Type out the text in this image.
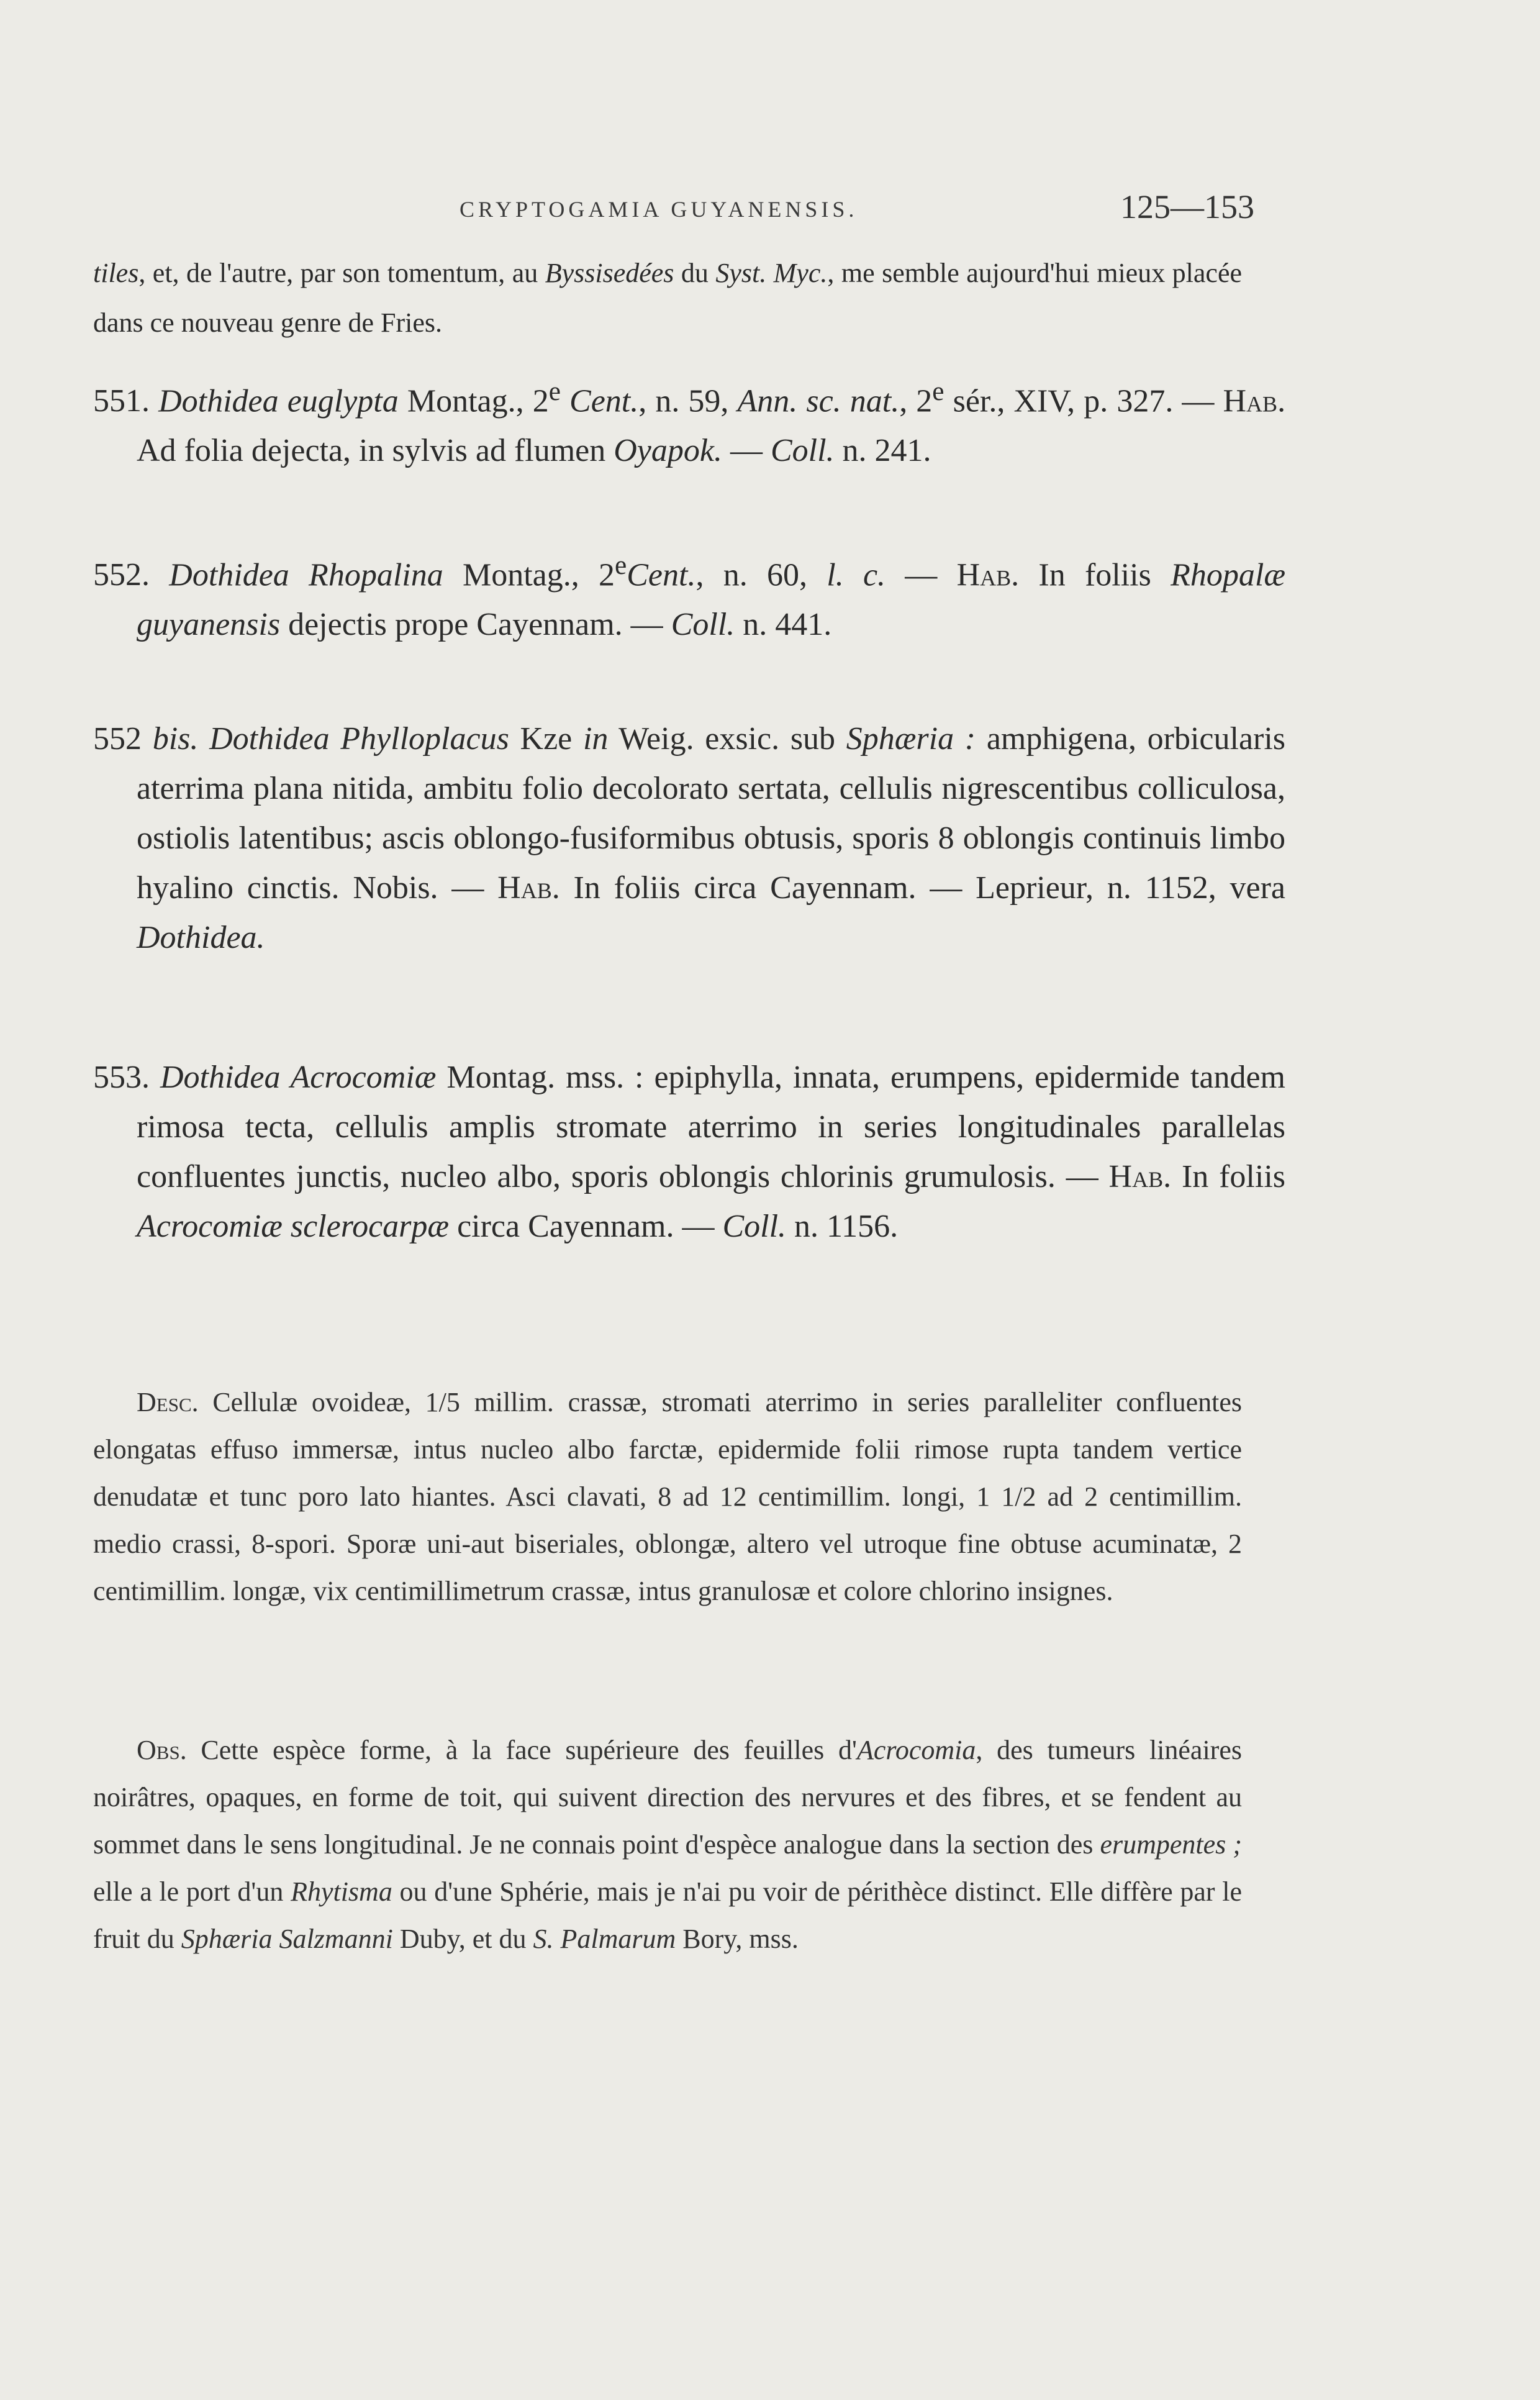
CRYPTOGAMIA GUYANENSIS.	125—153
tiles, et, de l'autre, par son tomentum, au Byssisedées du Syst. Myc., me semble aujourd'hui mieux placée dans ce nouveau genre de Fries.
551. Dothidea euglypta Montag., 2e Cent., n. 59, Ann. sc. nat., 2e sér., XIV, p. 327. — Hab. Ad folia dejecta, in sylvis ad flumen Oyapok. — Coll. n. 241.
552. Dothidea Rhopalina Montag., 2eCent., n. 60, l. c. — Hab. In foliis Rhopalæ guyanensis dejectis prope Cayennam. — Coll. n. 441.
552 bis. Dothidea Phylloplacus Kze in Weig. exsic. sub Sphæria : amphigena, orbicularis aterrima plana nitida, ambitu folio decolorato sertata, cellulis nigrescentibus colliculosa, ostiolis latentibus; ascis oblongo-fusiformibus obtusis, sporis 8 oblongis continuis limbo hyalino cinctis. Nobis. — Hab. In foliis circa Cayennam. — Leprieur, n. 1152, vera Dothidea.
553. Dothidea Acrocomiæ Montag. mss. : epiphylla, innata, erumpens, epidermide tandem rimosa tecta, cellulis amplis stromate aterrimo in series longitudinales parallelas confluentes junctis, nucleo albo, sporis oblongis chlorinis grumulosis. — Hab. In foliis Acrocomiæ sclerocarpæ circa Cayennam. — Coll. n. 1156.

Desc. Cellulæ ovoideæ, 1/5 millim. crassæ, stromati aterrimo in series paralleliter confluentes elongatas effuso immersæ, intus nucleo albo farctæ, epidermide folii rimose rupta tandem vertice denudatæ et tunc poro lato hiantes. Asci clavati, 8 ad 12 centimillim. longi, 1 1/2 ad 2 centimillim. medio crassi, 8-spori. Sporæ uni-aut biseriales, oblongæ, altero vel utroque fine obtuse acuminatæ, 2 centimillim. longæ, vix centimillimetrum crassæ, intus granulosæ et colore chlorino insignes.

Obs. Cette espèce forme, à la face supérieure des feuilles d'Acrocomia, des tumeurs linéaires noirâtres, opaques, en forme de toit, qui suivent direction des nervures et des fibres, et se fendent au sommet dans le sens longitudinal. Je ne connais point d'espèce analogue dans la section des erumpentes ; elle a le port d'un Rhytisma ou d'une Sphérie, mais je n'ai pu voir de périthèce distinct. Elle diffère par le fruit du Sphæria Salzmanni Duby, et du S. Palmarum Bory, mss.
